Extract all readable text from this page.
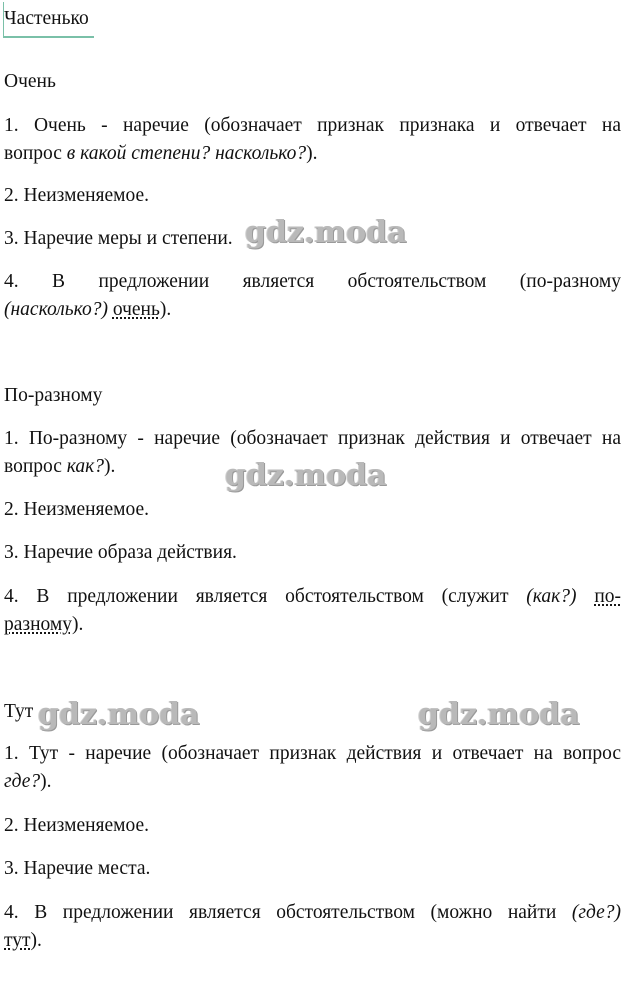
Частенько
Очень
1. Очень - наречие (обозначает признак признака и отвечает на
вопрос в какой степени? насколько?).
2. Неизменяемое.
3. Наречие меры и степени.
4. В предложении является обстоятельством (по-разному
(насколько?) очень).
По-разному
1. По-разному - наречие (обозначает признак действия и отвечает на
вопрос как?).
2. Неизменяемое.
3. Наречие образа действия.
4. В предложении является обстоятельством (служит (как?) по-
разному).
Тут
1. Тут - наречие (обозначает признак действия и отвечает на вопрос
где?).
2. Неизменяемое.
3. Наречие места.
4. В предложении является обстоятельством (можно найти (где?)
тут).
gdz.moda
gdz.moda
gdz.moda	gdz.moda
